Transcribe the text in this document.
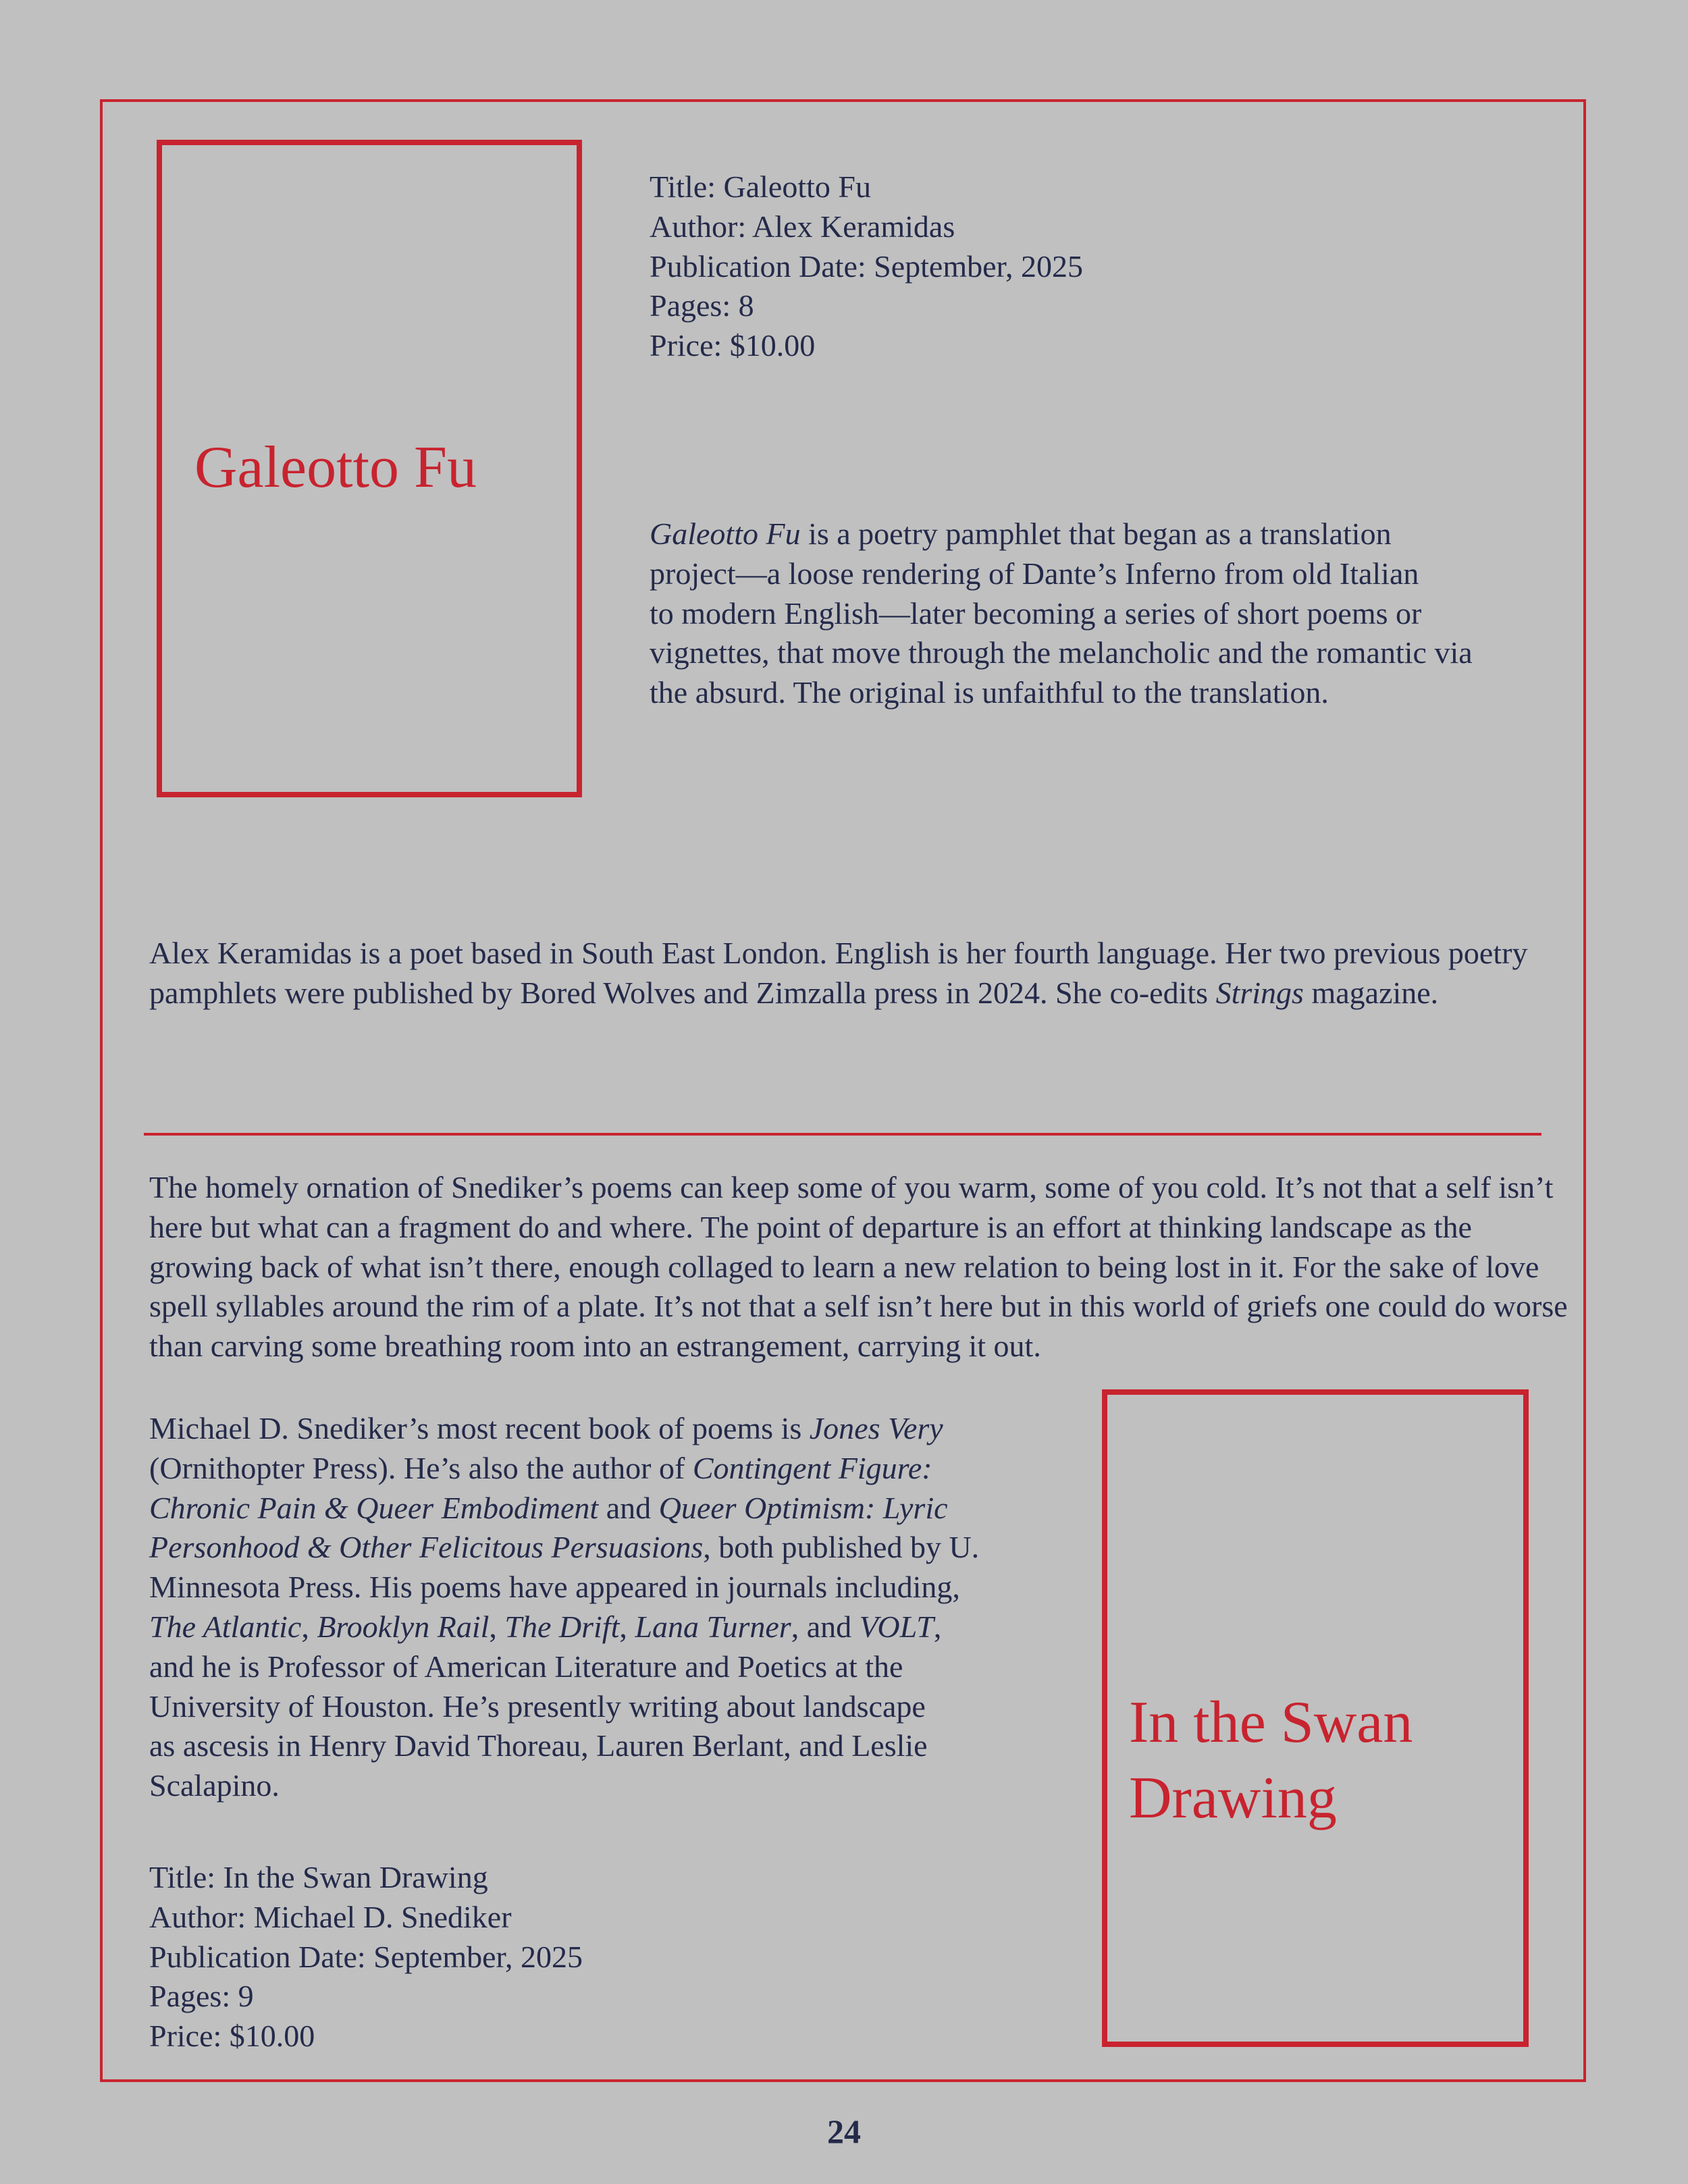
Galeotto Fu
Title: Galeotto Fu
Author: Alex Keramidas
Publication Date: September, 2025
Pages: 8
Price: $10.00
Galeotto Fu is a poetry pamphlet that began as a translation
project—a loose rendering of Dante’s Inferno from old Italian
to modern English—later becoming a series of short poems or
vignettes, that move through the melancholic and the romantic via
the absurd. The original is unfaithful to the translation.
Alex Keramidas is a poet based in South East London. English is her fourth language. Her two previous poetry
pamphlets were published by Bored Wolves and Zimzalla press in 2024. She co-edits Strings magazine.
The homely ornation of Snediker’s poems can keep some of you warm, some of you cold. It’s not that a self isn’t
here but what can a fragment do and where. The point of departure is an effort at thinking landscape as the
growing back of what isn’t there, enough collaged to learn a new relation to being lost in it. For the sake of love
spell syllables around the rim of a plate. It’s not that a self isn’t here but in this world of griefs one could do worse
than carving some breathing room into an estrangement, carrying it out.
Michael D. Snediker’s most recent book of poems is Jones Very
(Ornithopter Press). He’s also the author of Contingent Figure:
Chronic Pain & Queer Embodiment and Queer Optimism: Lyric
Personhood & Other Felicitous Persuasions, both published by U.
Minnesota Press. His poems have appeared in journals including,
The Atlantic, Brooklyn Rail, The Drift, Lana Turner, and VOLT,
and he is Professor of American Literature and Poetics at the
University of Houston. He’s presently writing about landscape
as ascesis in Henry David Thoreau, Lauren Berlant, and Leslie
Scalapino.
Title: In the Swan Drawing
Author: Michael D. Snediker
Publication Date: September, 2025
Pages: 9
Price: $10.00
In the Swan
Drawing
24
